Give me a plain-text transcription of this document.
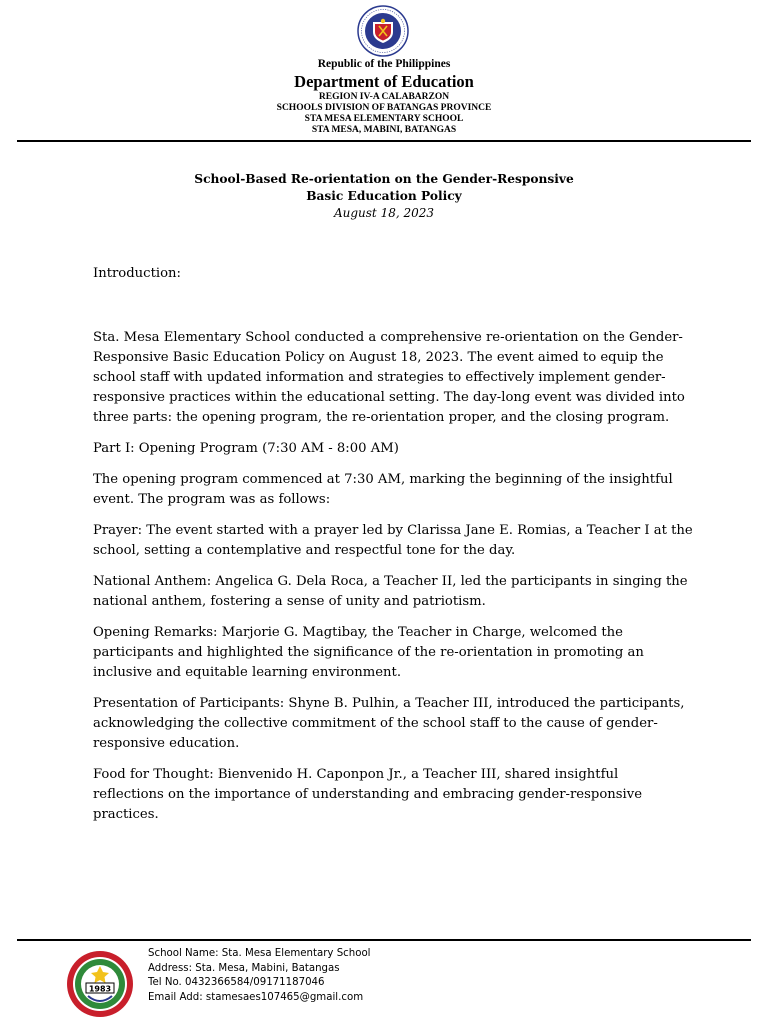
Republic of the Philippines
Department of Education
REGION IV-A CALABARZON
SCHOOLS DIVISION OF BATANGAS PROVINCE
STA MESA ELEMENTARY SCHOOL
STA MESA, MABINI, BATANGAS
School-Based Re-orientation on the Gender-Responsive
Basic Education Policy
August 18, 2023

Introduction:

Sta. Mesa Elementary School conducted a comprehensive re-orientation on the Gender-Responsive Basic Education Policy on August 18, 2023. The event aimed to equip the school staff with updated information and strategies to effectively implement gender-responsive practices within the educational setting. The day-long event was divided into three parts: the opening program, the re-orientation proper, and the closing program.

Part I: Opening Program (7:30 AM - 8:00 AM)

The opening program commenced at 7:30 AM, marking the beginning of the insightful event. The program was as follows:

Prayer: The event started with a prayer led by Clarissa Jane E. Romias, a Teacher I at the school, setting a contemplative and respectful tone for the day.

National Anthem: Angelica G. Dela Roca, a Teacher II, led the participants in singing the national anthem, fostering a sense of unity and patriotism.

Opening Remarks: Marjorie G. Magtibay, the Teacher in Charge, welcomed the participants and highlighted the significance of the re-orientation in promoting an inclusive and equitable learning environment.

Presentation of Participants: Shyne B. Pulhin, a Teacher III, introduced the participants, acknowledging the collective commitment of the school staff to the cause of gender-responsive education.

Food for Thought: Bienvenido H. Caponpon Jr., a Teacher III, shared insightful reflections on the importance of understanding and embracing gender-responsive practices.

1983
School Name: Sta. Mesa Elementary School
Address: Sta. Mesa, Mabini, Batangas
Tel No. 0432366584/09171187046
Email Add: stamesaes107465@gmail.com
